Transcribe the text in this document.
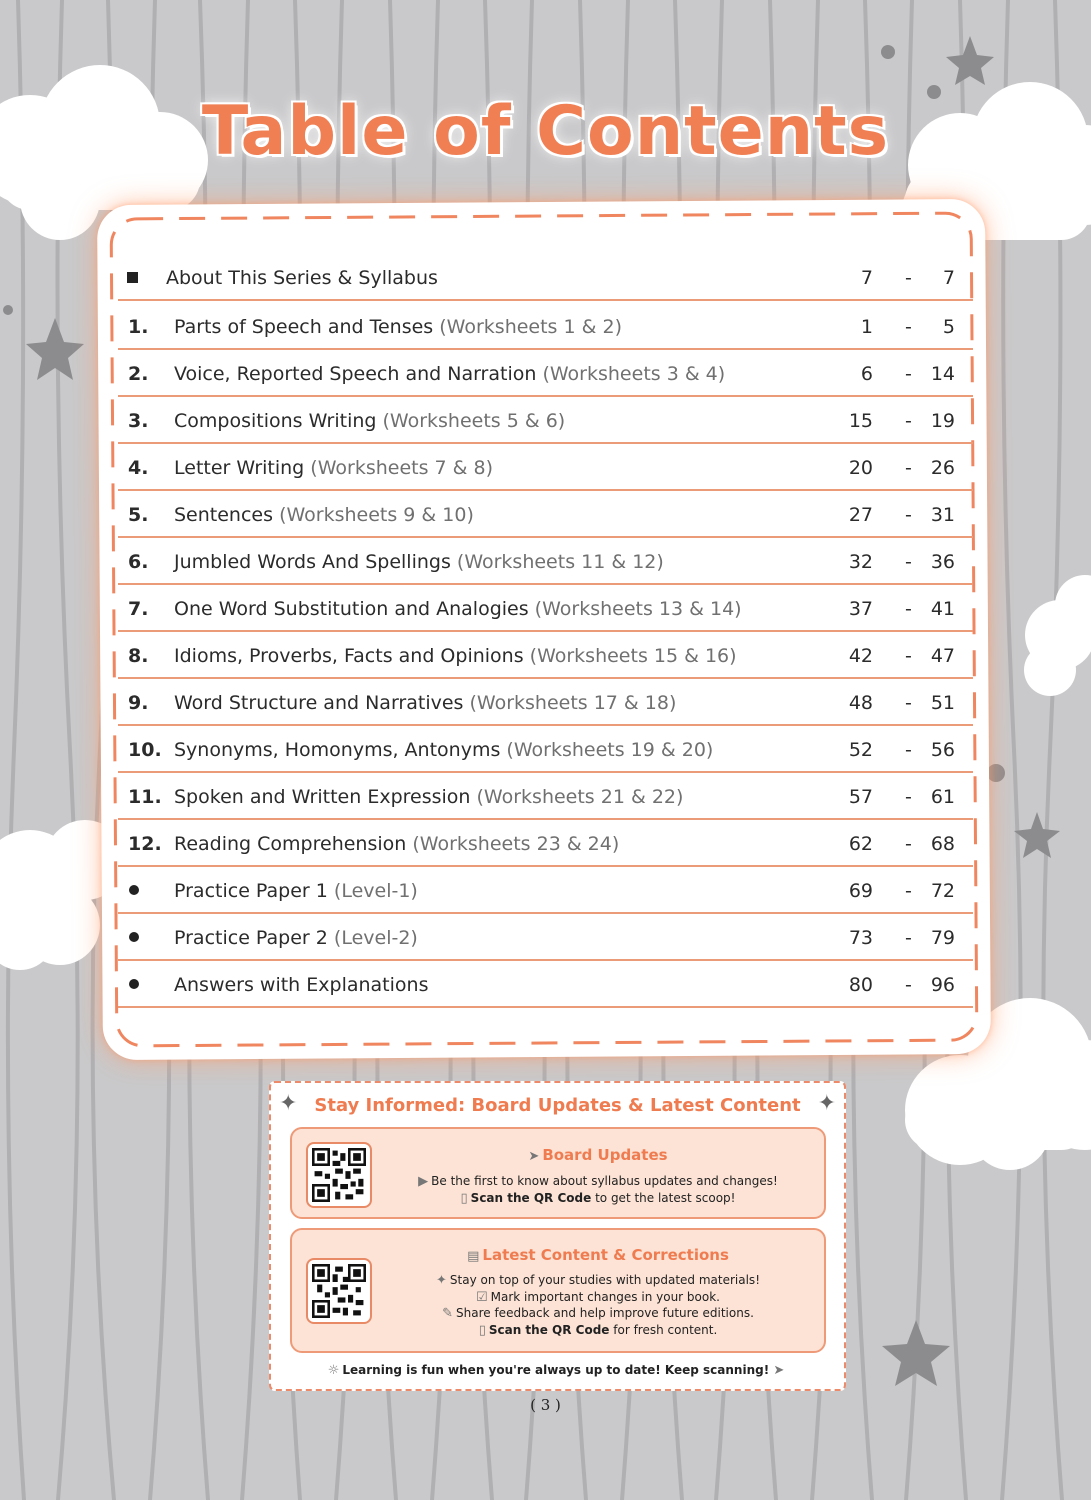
Table of Contents
About This Series & Syllabus	7 - 7
1. Parts of Speech and Tenses (Worksheets 1 & 2)	1 - 5
2. Voice, Reported Speech and Narration (Worksheets 3 & 4)	6 - 14
3. Compositions Writing (Worksheets 5 & 6)	15 - 19
4. Letter Writing (Worksheets 7 & 8)	20 - 26
5. Sentences (Worksheets 9 & 10)	27 - 31
6. Jumbled Words And Spellings (Worksheets 11 & 12)	32 - 36
7. One Word Substitution and Analogies (Worksheets 13 & 14)	37 - 41
8. Idioms, Proverbs, Facts and Opinions (Worksheets 15 & 16)	42 - 47
9. Word Structure and Narratives (Worksheets 17 & 18)	48 - 51
10. Synonyms, Homonyms, Antonyms (Worksheets 19 & 20)	52 - 56
11. Spoken and Written Expression (Worksheets 21 & 22)	57 - 61
12. Reading Comprehension (Worksheets 23 & 24)	62 - 68
Practice Paper 1 (Level-1)	69 - 72
Practice Paper 2 (Level-2)	73 - 79
Answers with Explanations	80 - 96
✦	✦
Stay Informed: Board Updates & Latest Content
➤ Board Updates
▶ Be the first to know about syllabus updates and changes!
▯ Scan the QR Code to get the latest scoop!
▤ Latest Content & Corrections
✦ Stay on top of your studies with updated materials!
☑ Mark important changes in your book.
✎ Share feedback and help improve future editions.
▯ Scan the QR Code for fresh content.
☼ Learning is fun when you're always up to date! Keep scanning! ➤
( 3 )
